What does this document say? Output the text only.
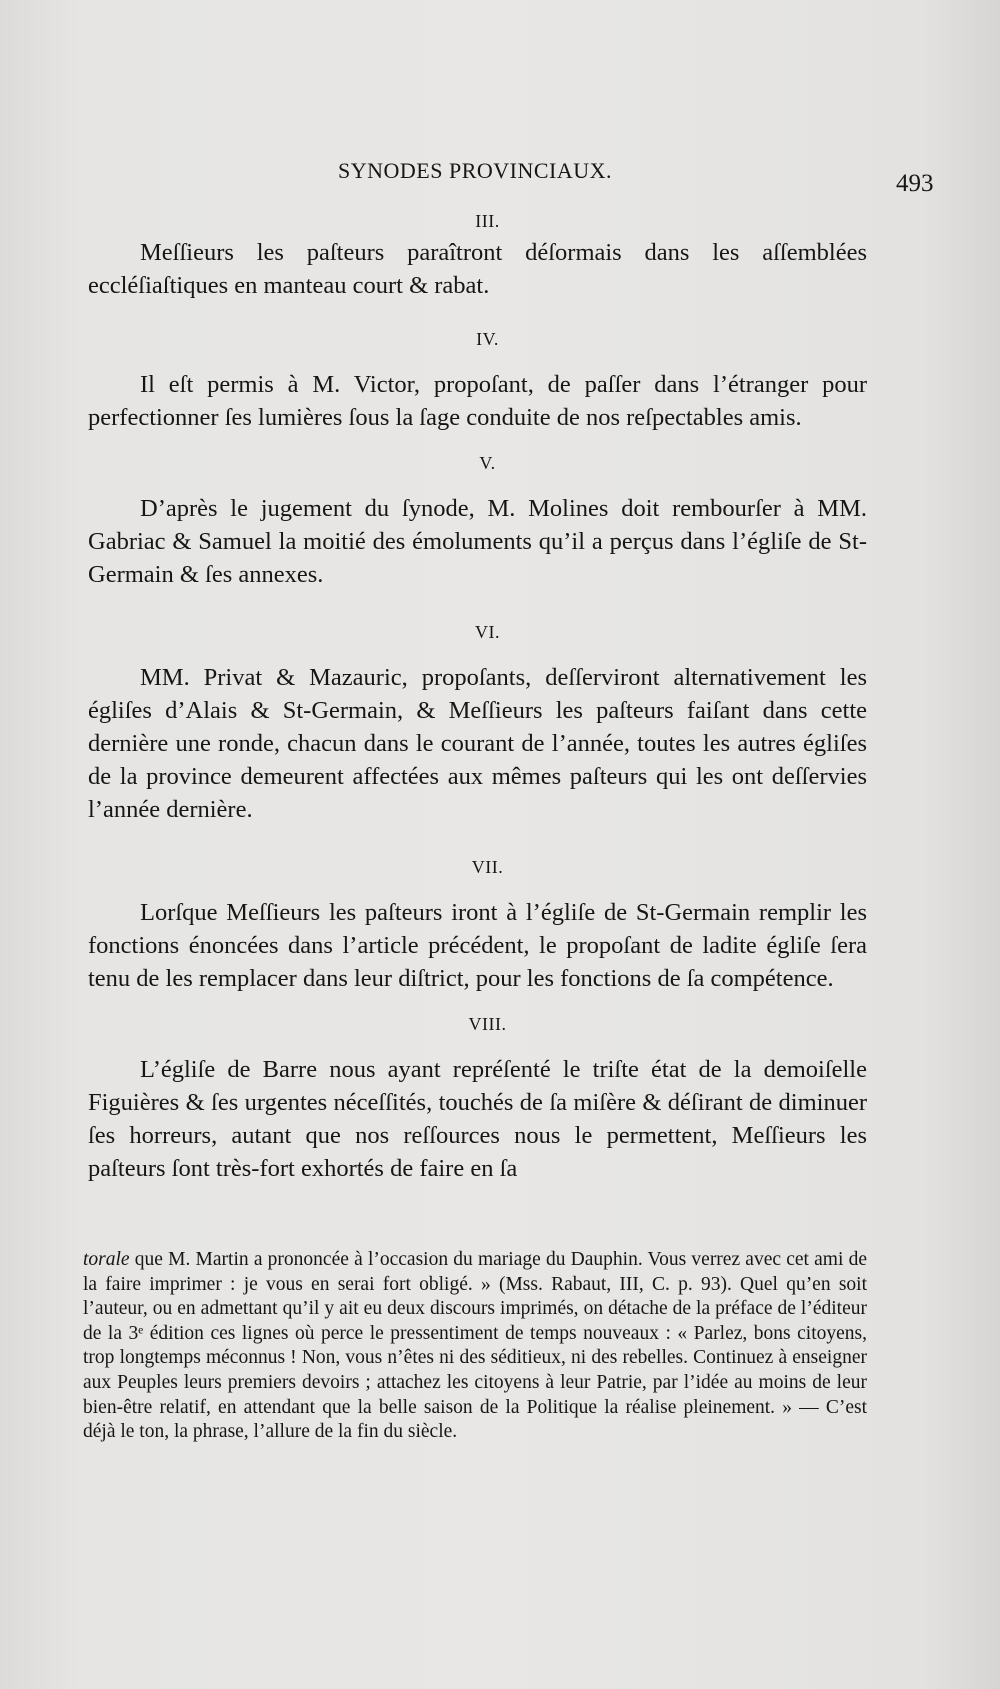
SYNODES PROVINCIAUX.	493

III.

Meſſieurs les paſteurs paraîtront déſormais dans les aſſemblées eccléſiaſtiques en manteau court & rabat.

IV.

Il eſt permis à M. Victor, propoſant, de paſſer dans l’étranger pour perfectionner ſes lumières ſous la ſage conduite de nos reſpectables amis.

V.

D’après le jugement du ſynode, M. Molines doit rembourſer à MM. Gabriac & Samuel la moitié des émoluments qu’il a perçus dans l’égliſe de St-Germain & ſes annexes.

VI.

MM. Privat & Mazauric, propoſants, deſſerviront alternativement les égliſes d’Alais & St-Germain, & Meſſieurs les paſteurs faiſant dans cette dernière une ronde, chacun dans le courant de l’année, toutes les autres égliſes de la province demeurent affectées aux mêmes paſteurs qui les ont deſſervies l’année dernière.

VII.

Lorſque Meſſieurs les paſteurs iront à l’égliſe de St-Germain remplir les fonctions énoncées dans l’article précédent, le propoſant de ladite égliſe ſera tenu de les remplacer dans leur diſtrict, pour les fonctions de ſa compétence.

VIII.

L’égliſe de Barre nous ayant repréſenté le triſte état de la demoiſelle Figuières & ſes urgentes néceſſités, touchés de ſa miſère & déſirant de diminuer ſes horreurs, autant que nos reſſources nous le permettent, Meſſieurs les paſteurs ſont très-fort exhortés de faire en ſa

torale que M. Martin a prononcée à l’occasion du mariage du Dauphin. Vous verrez avec cet ami de la faire imprimer : je vous en serai fort obligé. » (Mss. Rabaut, III, C. p. 93). Quel qu’en soit l’auteur, ou en admettant qu’il y ait eu deux discours imprimés, on détache de la préface de l’éditeur de la 3ᵉ édition ces lignes où perce le pressentiment de temps nouveaux : « Parlez, bons citoyens, trop longtemps méconnus ! Non, vous n’êtes ni des séditieux, ni des rebelles. Continuez à enseigner aux Peuples leurs premiers devoirs ; attachez les citoyens à leur Patrie, par l’idée au moins de leur bien-être relatif, en attendant que la belle saison de la Politique la réalise pleinement. » — C’est déjà le ton, la phrase, l’allure de la fin du siècle.
